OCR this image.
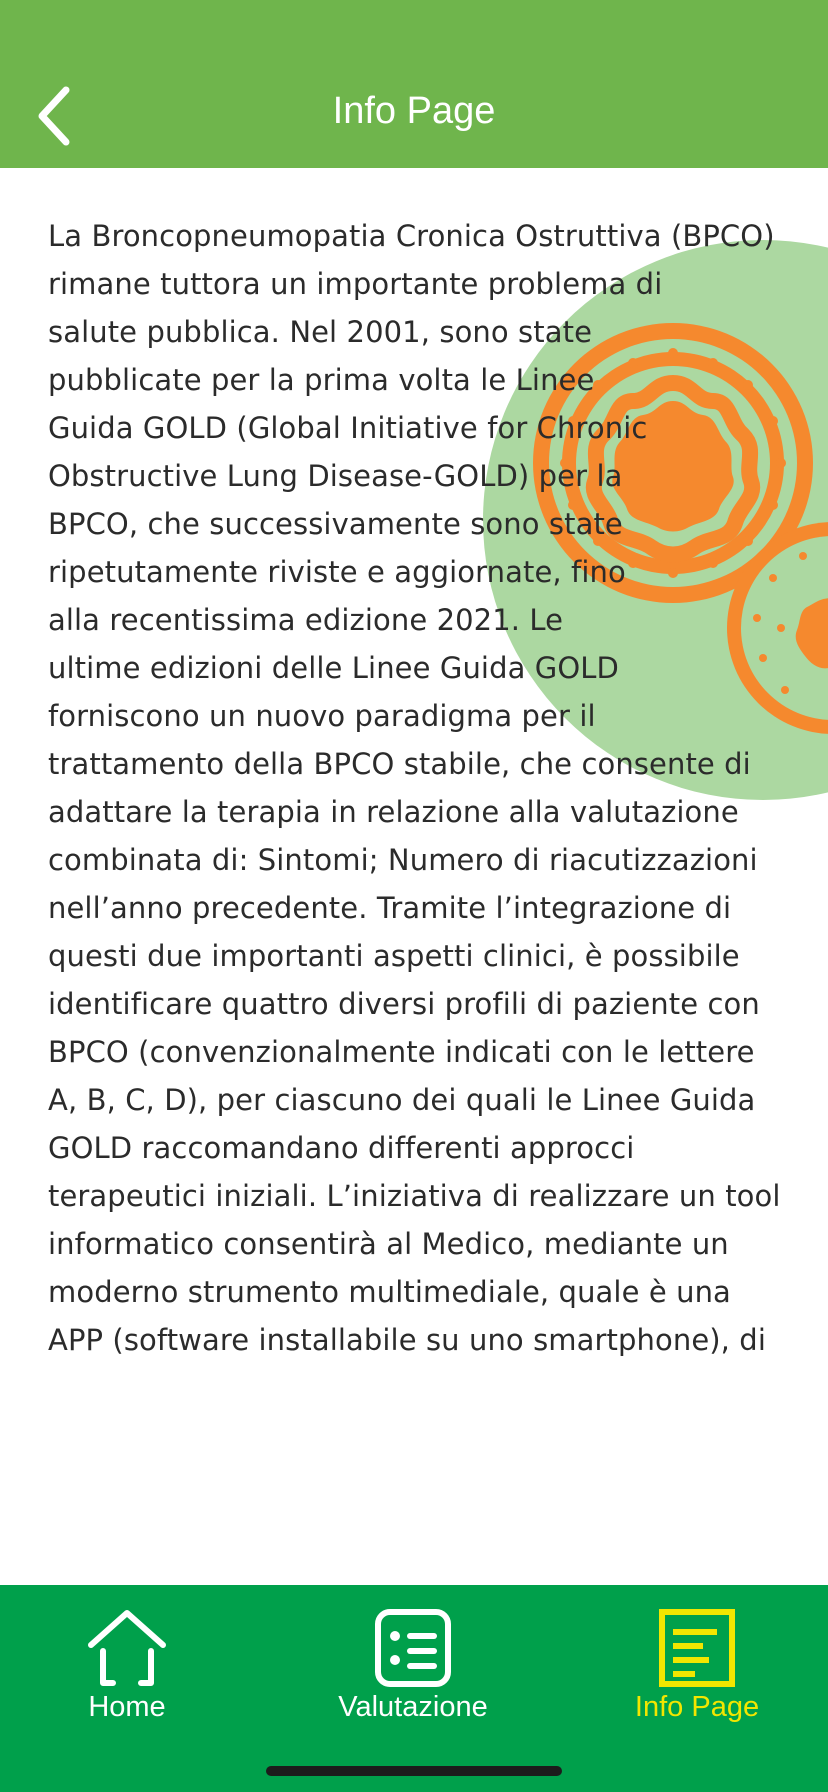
Info Page

La Broncopneumopatia Cronica Ostruttiva (BPCO) rimane tuttora un importante problema di salute pubblica. Nel 2001, sono state pubblicate per la prima volta le Linee Guida GOLD (Global Initiative for Chronic Obstructive Lung Disease-GOLD) per la BPCO, che successivamente sono state ripetutamente riviste e aggiornate, fino alla recentissima edizione 2021. Le ultime edizioni delle Linee Guida GOLD forniscono un nuovo paradigma per il trattamento della BPCO stabile, che consente di adattare la terapia in relazione alla valutazione combinata di: Sintomi; Numero di riacutizzazioni nell’anno precedente. Tramite l’integrazione di questi due importanti aspetti clinici, è possibile identificare quattro diversi profili di paziente con BPCO (convenzionalmente indicati con le lettere A, B, C, D), per ciascuno dei quali le Linee Guida GOLD raccomandano differenti approcci terapeutici iniziali. L’iniziativa di realizzare un tool informatico consentirà al Medico, mediante un moderno strumento multimediale, quale è una APP (software installabile su uno smartphone), di

Home	Valutazione	Info Page
